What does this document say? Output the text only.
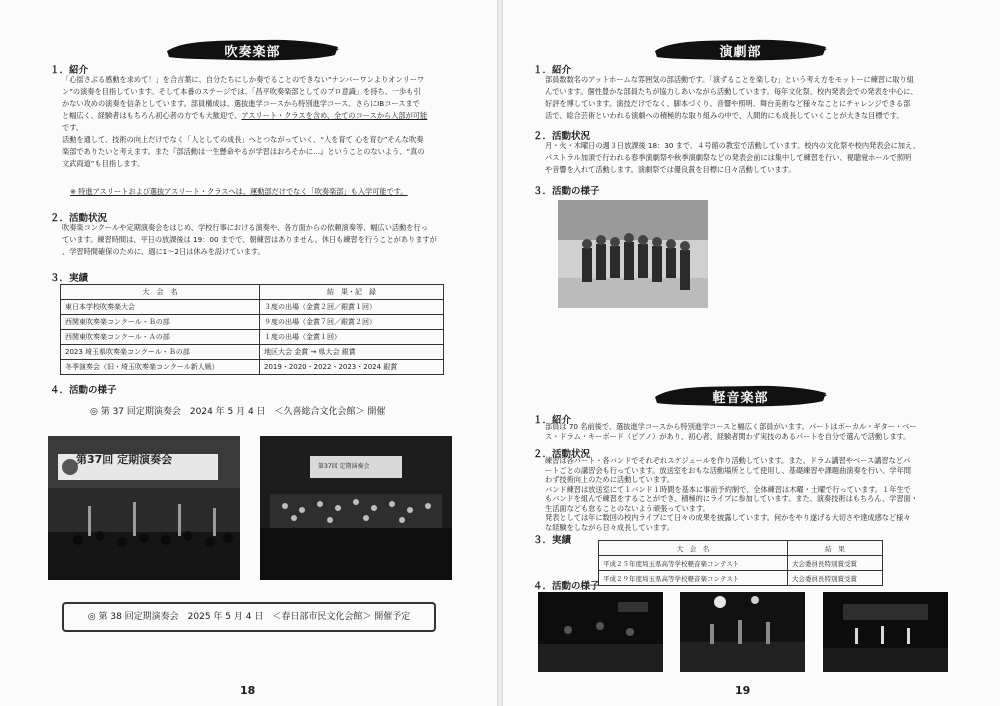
吹奏楽部
１．紹介

「心揺さぶる感動を求めて！」を合言葉に、自分たちにしか奏でることのできない“ナンバーワンよりオンリーワ

ン”の演奏を目指しています。そして本番のステージでは、「昌平吹奏楽部としてのプロ意識」を持ち、一歩も引

かない攻めの演奏を信条としています。部員構成は、選抜進学コースから特別進学コース、さらにIBコースまで

と幅広く、経験者はもちろん初心者の方でも大歓迎で、アスリート・クラスを含め、全てのコースから入部が可能

です。

活動を通して、技術の向上だけでなく「人としての成長」へとつながっていく、“人を育て 心を育む”そんな吹奏

楽部でありたいと考えます。また『部活動は一生懸命やるが学習はおろそかに…』ということのないよう、“真の

文武両道”も目指します。

※ 特進アスリートおよび選抜アスリート・クラスへは、運動部だけでなく「吹奏楽部」も入学可能です。
２．活動状況

吹奏楽コンクールや定期演奏会をはじめ、学校行事における演奏や、各方面からの依頼演奏等、幅広い活動を行っ

ています。練習時間は、平日の放課後は 19：00 までで、朝練習はありません。休日も練習を行うことがありますが

、学習時間確保のために、週に1〜2日は休みを設けています。

３．実績
大　会　名	結　果・記　録
東日本学校吹奏楽大会	３度の出場（金賞２回／銀賞１回）
西関東吹奏楽コンクール・Ｂの部	９度の出場（金賞７回／銀賞２回）
西関東吹奏楽コンクール・Ａの部	１度の出場（金賞１回）
2023 埼玉県吹奏楽コンクール・Ｂの部	地区大会 金賞 → 県大会 銀賞
冬季演奏会（旧・埼玉吹奏楽コンクール新人戦）	2019・2020・2022・2023・2024 銀賞
４．活動の様子
◎ 第 37 回定期演奏会　2024 年 5 月 4 日　＜久喜総合文化会館＞ 開催
第37回 定期演奏会
第37回 定期演奏会
◎ 第 38 回定期演奏会　2025 年 5 月 4 日　＜春日部市民文化会館＞ 開催予定
18
演劇部
１．紹介

部員数数名のアットホームな雰囲気の部活動です。「演ずることを楽しむ」という考え方をモットーに練習に取り組

んでいます。個性豊かな部員たちが協力しあいながら活動しています。毎年文化祭、校内発表会での発表を中心に、

好評を博しています。演技だけでなく、脚本づくり、音響や照明、舞台美術など様々なことにチャレンジできる部

活で、総合芸術といわれる演劇への積極的な取り組みの中で、人間的にも成長していくことが大きな目標です。

２．活動状況

月・火・木曜日の週３日放課後 18：30 まで、４号館の教室で活動しています。校内の文化祭や校内発表会に加え、

パストラル加須で行われる春季演劇祭や秋季演劇祭などの発表会前には集中して練習を行い、視聴覚ホールで照明

や音響を入れて活動します。演劇祭では優良賞を目標に日々活動しています。

３．活動の様子
軽音楽部
１．紹介

部員は 70 名前後で、選抜進学コースから特別進学コースと幅広く部員がいます。パートはボーカル・ギター・ベー

ス・ドラム・キーボード（ピアノ）があり、初心者、経験者関わず実技のあるパートを自分で選んで活動します。

２．活動状況

練習は各パート・各バンドでそれぞれスケジュールを作り活動しています。また、ドラム講習やベース講習などパ

ートごとの講習会も行っています。放送室をおもな活動場所として使用し、基礎練習や課題曲演奏を行い、学年問

わず技術向上のために活動しています。

バンド練習は放送室にて１バンド１時間を基本に事前予約制で、全体練習は木曜・土曜で行っています。１年生で

もバンドを組んで練習をすることができ、積極的にライブに参加しています。また、演奏技術はもちろん、学習面・

生活面なども怠ることのないよう頑張っています。

発表としては年に数回の校内ライブにて日々の成果を披露しています。何かをやり遂げる大切さや達成感など様々

な経験をしながら日々成長しています。

３．実績
大　会　名	結　果
平成２５年度埼玉県高等学校軽音楽コンテスト	大会委員長特別賞受賞
平成２９年度埼玉県高等学校軽音楽コンテスト	大会委員長特別賞受賞
４．活動の様子
19
